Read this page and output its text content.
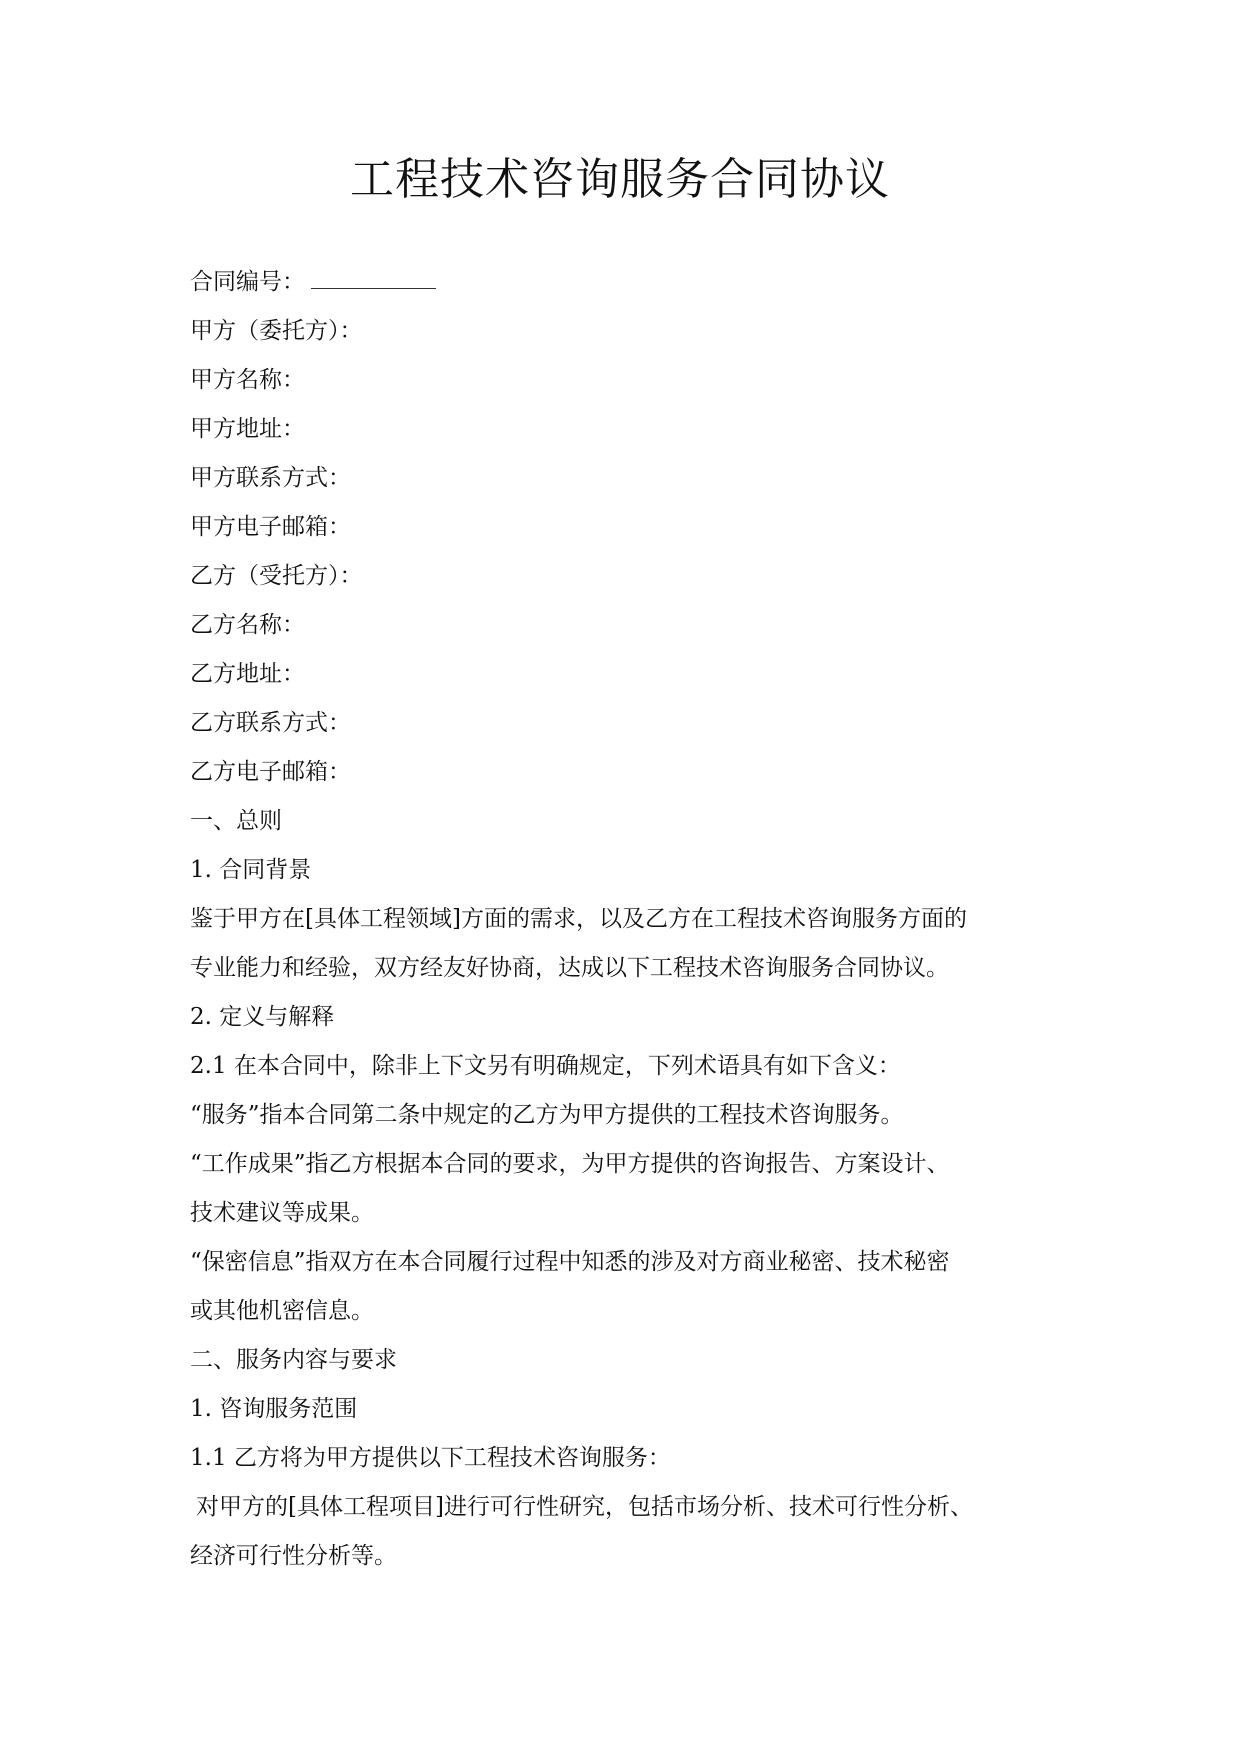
工程技术咨询服务合同协议

合同编号：

甲方（委托方）：

甲方名称：

甲方地址：

甲方联系方式：

甲方电子邮箱：

乙方（受托方）：

乙方名称：

乙方地址：

乙方联系方式：

乙方电子邮箱：

一、总则

1. 合同背景

鉴于甲方在[具体工程领域]方面的需求，以及乙方在工程技术咨询服务方面的

专业能力和经验，双方经友好协商，达成以下工程技术咨询服务合同协议。

2. 定义与解释

2.1 在本合同中，除非上下文另有明确规定，下列术语具有如下含义：

“服务”指本合同第二条中规定的乙方为甲方提供的工程技术咨询服务。

“工作成果”指乙方根据本合同的要求，为甲方提供的咨询报告、方案设计、

技术建议等成果。

“保密信息”指双方在本合同履行过程中知悉的涉及对方商业秘密、技术秘密

或其他机密信息。

二、服务内容与要求

1. 咨询服务范围

1.1 乙方将为甲方提供以下工程技术咨询服务：

对甲方的[具体工程项目]进行可行性研究，包括市场分析、技术可行性分析、

经济可行性分析等。
